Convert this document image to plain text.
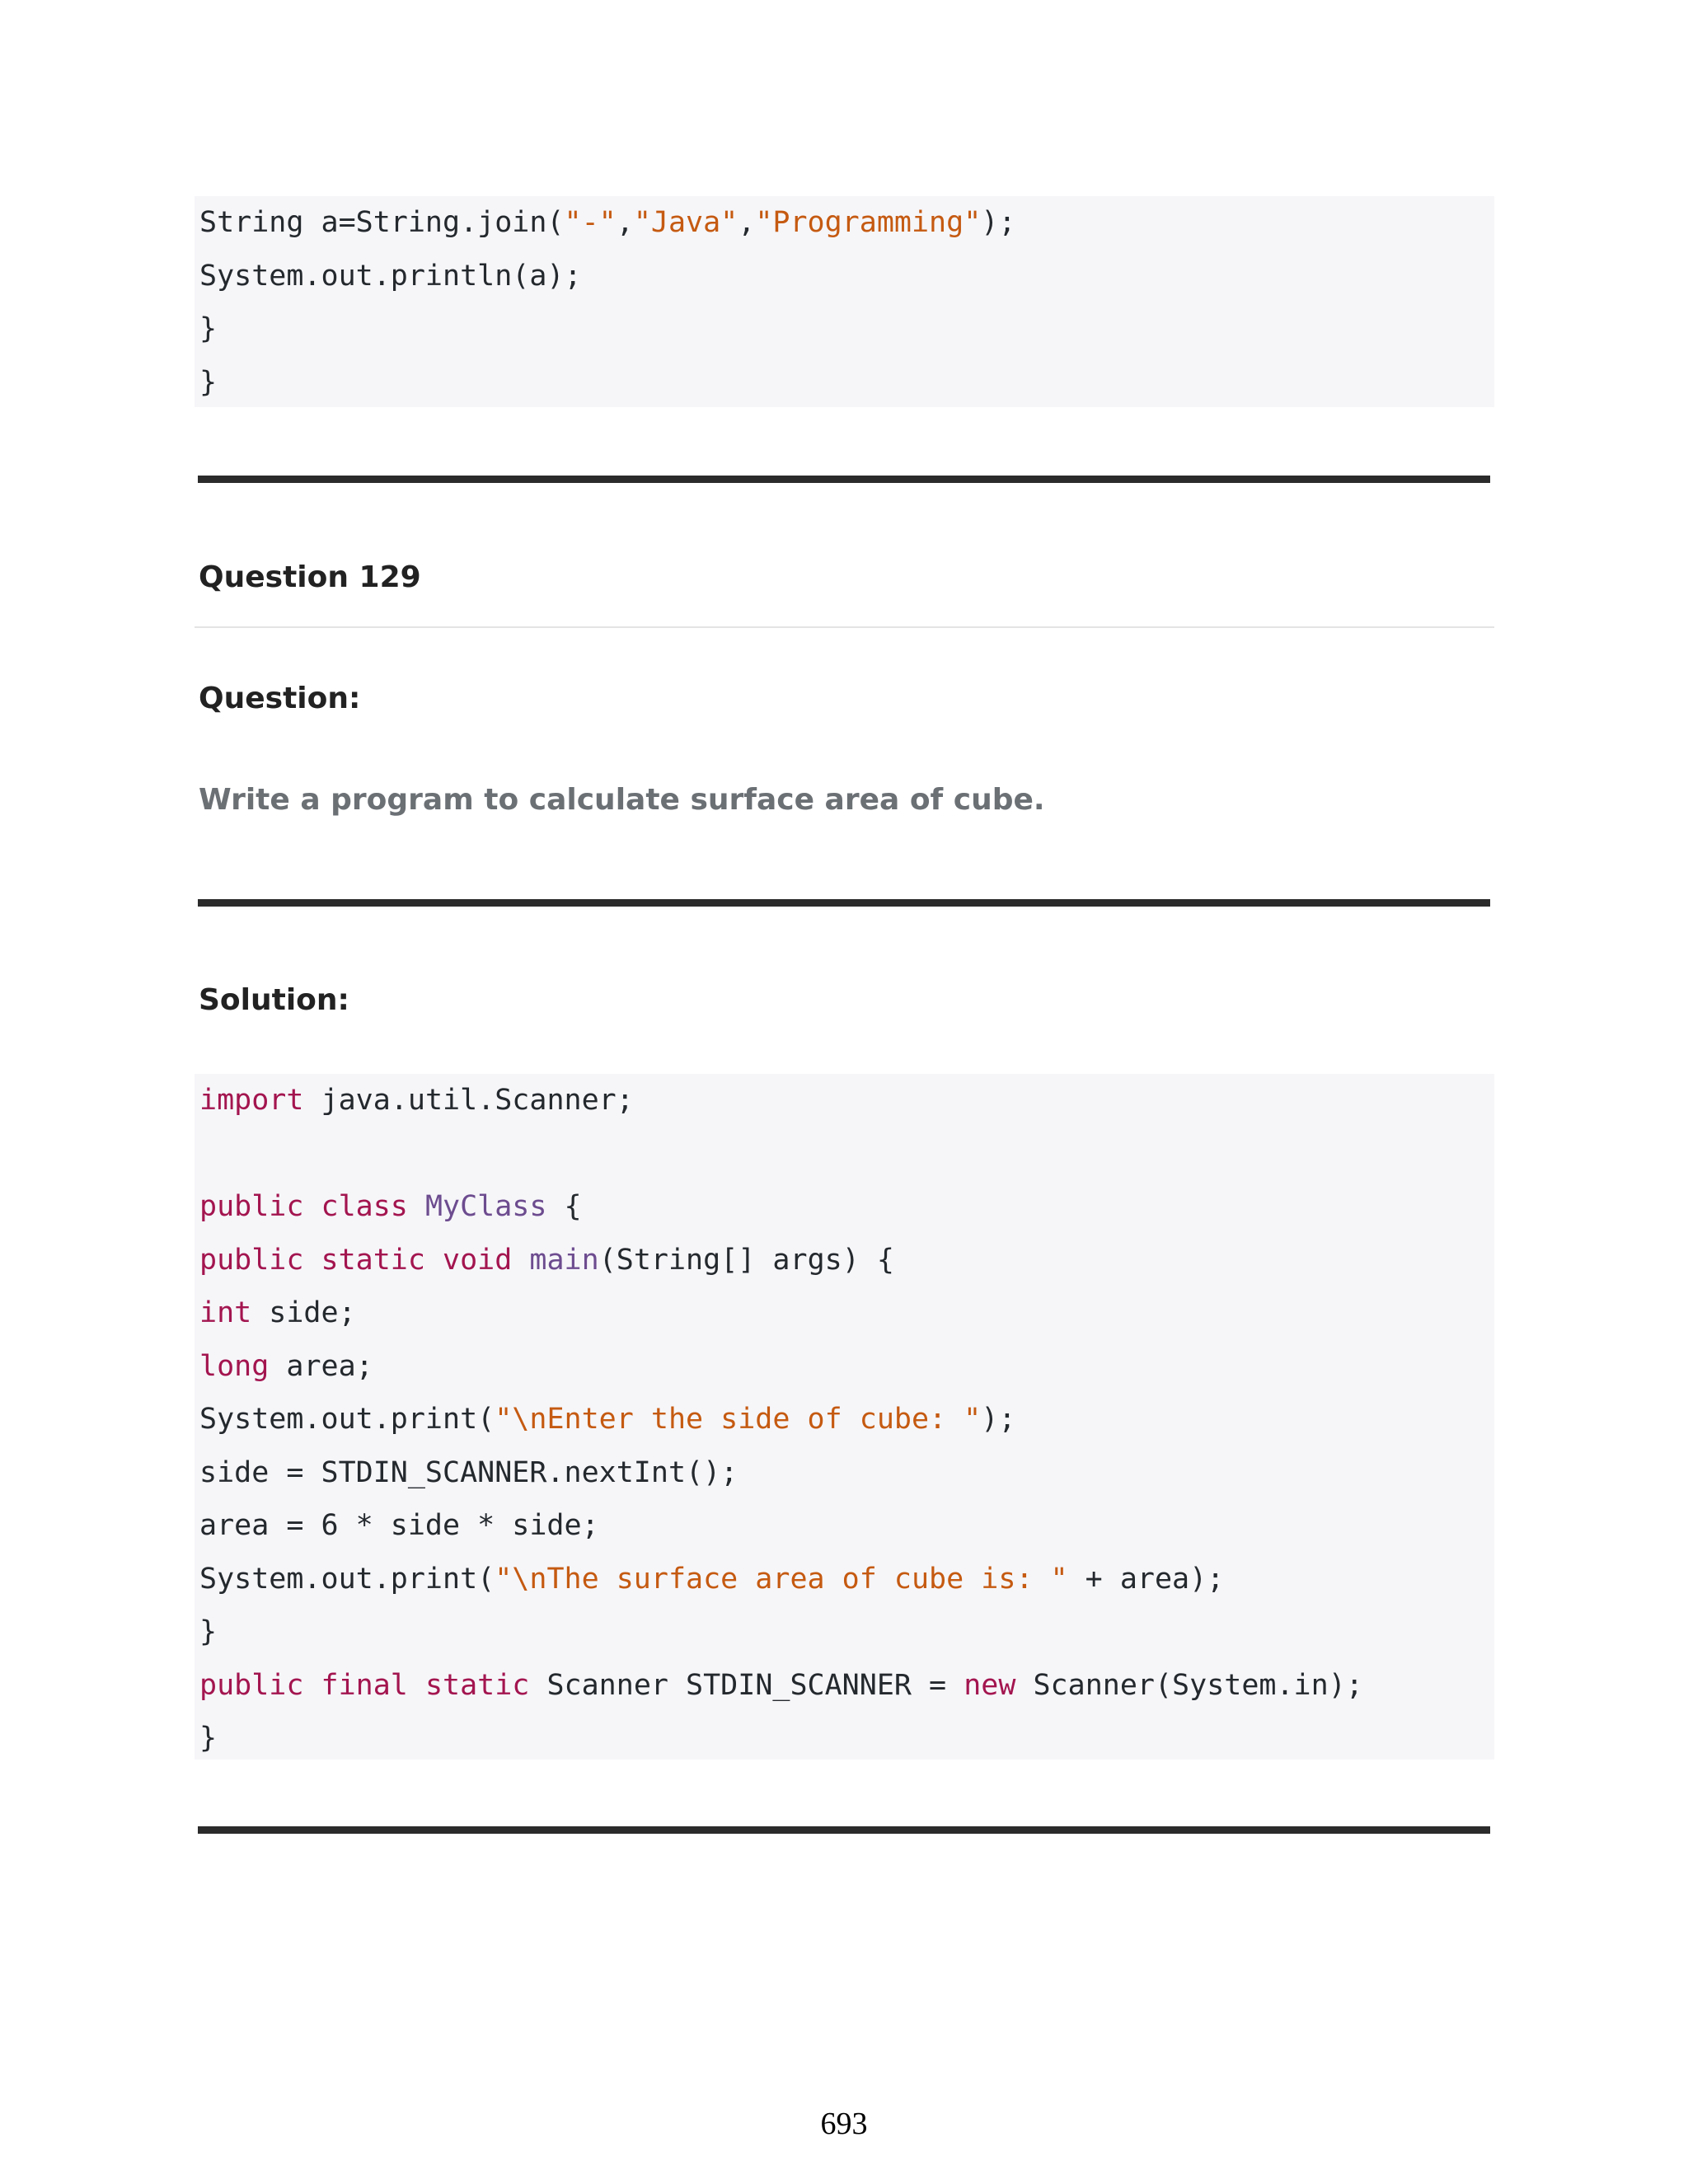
String a=String.join("-","Java","Programming");
System.out.println(a);
}
}
Question 129
Question:
Write a program to calculate surface area of cube.
Solution:
import java.util.Scanner;
public class MyClass {
public static void main(String[] args) {
int side;
long area;
System.out.print("\nEnter the side of cube: ");
side = STDIN_SCANNER.nextInt();
area = 6 * side * side;
System.out.print("\nThe surface area of cube is: " + area);
}
public final static Scanner STDIN_SCANNER = new Scanner(System.in);
}
693
